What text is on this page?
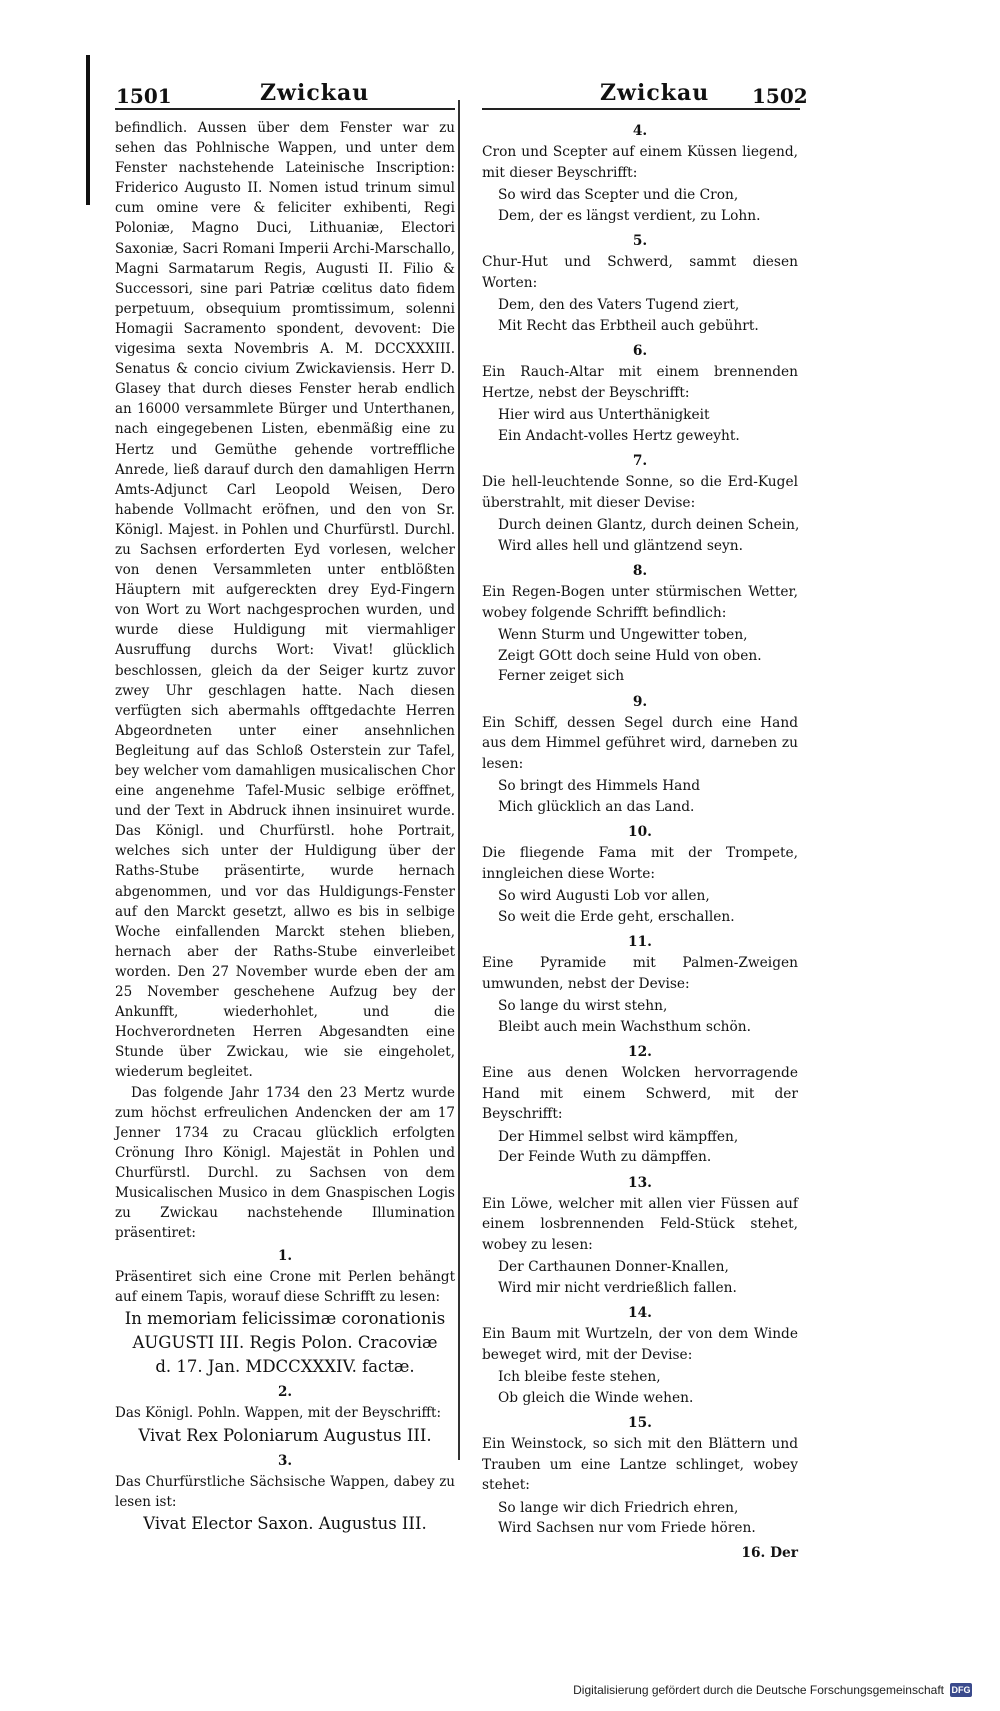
1501	Zwickau	Zwickau 1502

befindlich. Aussen über dem Fenster war zu sehen das Pohlnische Wappen, und unter dem Fenster nachstehende Lateinische Inscription: Friderico Augusto II. Nomen istud trinum simul cum omine vere & feliciter exhibenti, Regi Poloniæ, Magno Duci, Lithuaniæ, Electori Saxoniæ, Sacri Romani Imperii Archi-Marschallo, Magni Sarmatarum Regis, Augusti II. Filio & Successori, sine pari Patriæ cœlitus dato fidem perpetuum, obsequium promtissimum, solenni Homagii Sacramento spondent, devovent: Die vigesima sexta Novembris A. M. DCCXXXIII. Senatus & concio civium Zwickaviensis. Herr D. Glasey that durch dieses Fenster herab endlich an 16000 versammlete Bürger und Unterthanen, nach eingegebenen Listen, ebenmäßig eine zu Hertz und Gemüthe gehende vortreffliche Anrede, ließ darauf durch den damahligen Herrn Amts-Adjunct Carl Leopold Weisen, Dero habende Vollmacht eröfnen, und den von Sr. Königl. Majest. in Pohlen und Churfürstl. Durchl. zu Sachsen erforderten Eyd vorlesen, welcher von denen Versammleten unter entblößten Häuptern mit aufgereckten drey Eyd-Fingern von Wort zu Wort nachgesprochen wurden, und wurde diese Huldigung mit viermahliger Ausruffung durchs Wort: Vivat! glücklich beschlossen, gleich da der Seiger kurtz zuvor zwey Uhr geschlagen hatte. Nach diesen verfügten sich abermahls offtgedachte Herren Abgeordneten unter einer ansehnlichen Begleitung auf das Schloß Osterstein zur Tafel, bey welcher vom damahligen musicalischen Chor eine angenehme Tafel-Music selbige eröffnet, und der Text in Abdruck ihnen insinuiret wurde. Das Königl. und Churfürstl. hohe Portrait, welches sich unter der Huldigung über der Raths-Stube präsentirte, wurde hernach abgenommen, und vor das Huldigungs-Fenster auf den Marckt gesetzt, allwo es bis in selbige Woche einfallenden Marckt stehen blieben, hernach aber der Raths-Stube einverleibet worden. Den 27 November wurde eben der am 25 November geschehene Aufzug bey der Ankunfft, wiederhohlet, und die Hochverordneten Herren Abgesandten eine Stunde über Zwickau, wie sie eingeholet, wiederum begleitet.

Das folgende Jahr 1734 den 23 Mertz wurde zum höchst erfreulichen Andencken der am 17 Jenner 1734 zu Cracau glücklich erfolgten Crönung Ihro Königl. Majestät in Pohlen und Churfürstl. Durchl. zu Sachsen von dem Musicalischen Musico in dem Gnaspischen Logis zu Zwickau nachstehende Illumination präsentiret:

1.

Präsentiret sich eine Crone mit Perlen behängt auf einem Tapis, worauf diese Schrifft zu lesen:

In memoriam felicissimæ coronationis
AUGUSTI III. Regis Polon. Cracoviæ
d. 17. Jan. MDCCXXXIV. factæ.
2.

Das Königl. Pohln. Wappen, mit der Beyschrifft:

Vivat Rex Poloniarum Augustus III.
3.

Das Churfürstliche Sächsische Wappen, dabey zu lesen ist:

Vivat Elector Saxon. Augustus III.
4.

Cron und Scepter auf einem Küssen liegend, mit dieser Beyschrifft:

So wird das Scepter und die Cron,
Dem, der es längst verdient, zu Lohn.
5.

Chur-Hut und Schwerd, sammt diesen Worten:

Dem, den des Vaters Tugend ziert,
Mit Recht das Erbtheil auch gebührt.
6.

Ein Rauch-Altar mit einem brennenden Hertze, nebst der Beyschrifft:

Hier wird aus Unterthänigkeit
Ein Andacht-volles Hertz geweyht.
7.

Die hell-leuchtende Sonne, so die Erd-Kugel überstrahlt, mit dieser Devise:

Durch deinen Glantz, durch deinen Schein,
Wird alles hell und gläntzend seyn.
8.

Ein Regen-Bogen unter stürmischen Wetter, wobey folgende Schrifft befindlich:

Wenn Sturm und Ungewitter toben,
Zeigt GOtt doch seine Huld von oben.
Ferner zeiget sich
9.

Ein Schiff, dessen Segel durch eine Hand aus dem Himmel geführet wird, darneben zu lesen:

So bringt des Himmels Hand
Mich glücklich an das Land.
10.

Die fliegende Fama mit der Trompete, inngleichen diese Worte:

So wird Augusti Lob vor allen,
So weit die Erde geht, erschallen.
11.

Eine Pyramide mit Palmen-Zweigen umwunden, nebst der Devise:

So lange du wirst stehn,
Bleibt auch mein Wachsthum schön.
12.

Eine aus denen Wolcken hervorragende Hand mit einem Schwerd, mit der Beyschrifft:

Der Himmel selbst wird kämpffen,
Der Feinde Wuth zu dämpffen.
13.

Ein Löwe, welcher mit allen vier Füssen auf einem losbrennenden Feld-Stück stehet, wobey zu lesen:

Der Carthaunen Donner-Knallen,
Wird mir nicht verdrießlich fallen.
14.

Ein Baum mit Wurtzeln, der von dem Winde beweget wird, mit der Devise:

Ich bleibe feste stehen,
Ob gleich die Winde wehen.
15.

Ein Weinstock, so sich mit den Blättern und Trauben um eine Lantze schlinget, wobey stehet:

So lange wir dich Friedrich ehren,
Wird Sachsen nur vom Friede hören.
16. Der
Digitalisierung gefördert durch die Deutsche Forschungsgemeinschaft DFG
